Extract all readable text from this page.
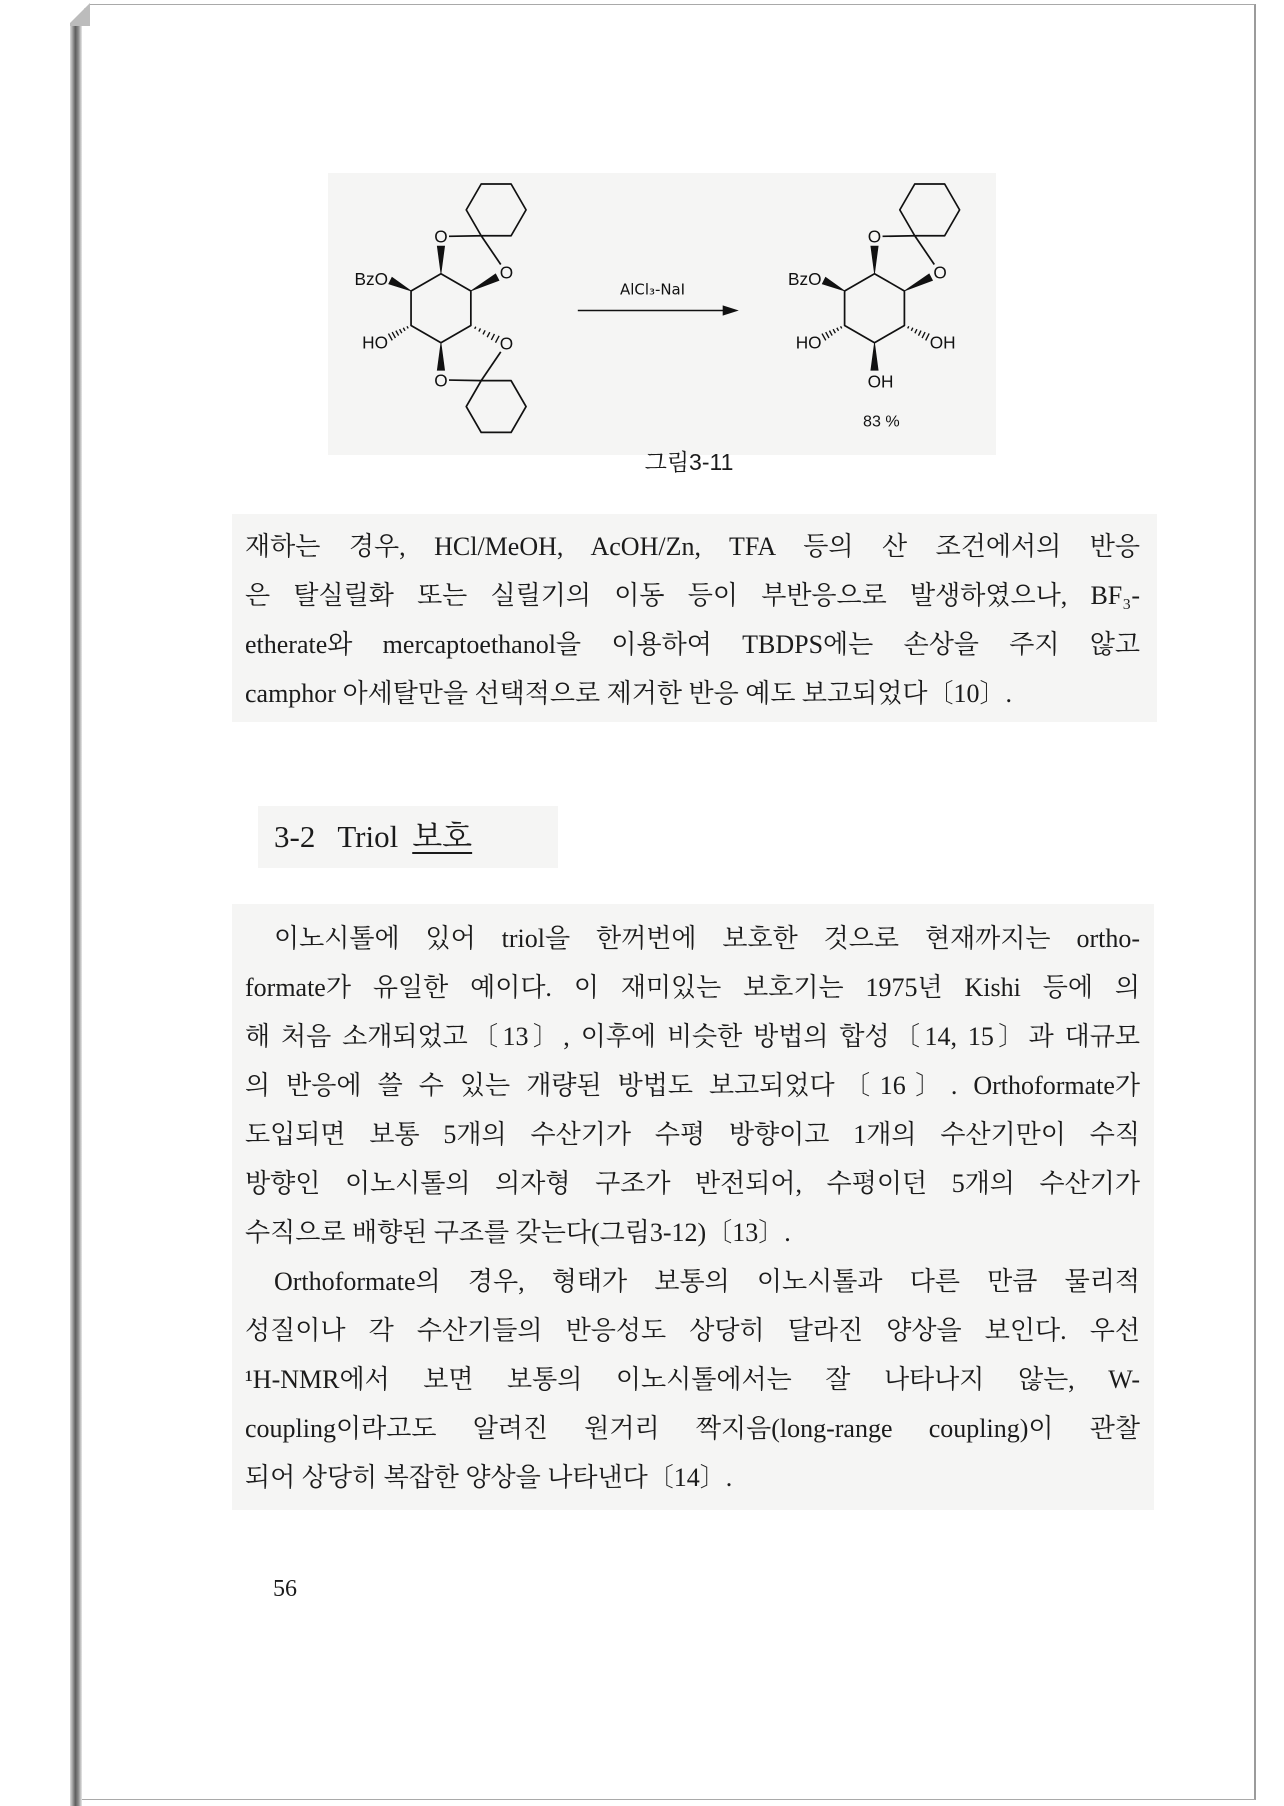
BzO
HO
O
O
O
O
AlCl₃-NaI
BzO
HO
O
O
OH
OH
83 %
그림3-11
재하는 경우, HCl/MeOH, AcOH/Zn, TFA 등의 산 조건에서의 반응
은 탈실릴화 또는 실릴기의 이동 등이 부반응으로 발생하였으나, BF₃-
etherate와 mercaptoethanol을 이용하여 TBDPS에는 손상을 주지 않고
camphor 아세탈만을 선택적으로 제거한 반응 예도 보고되었다〔10〕.
3-2 Triol 보호
이노시톨에 있어 triol을 한꺼번에 보호한 것으로 현재까지는 ortho-
formate가 유일한 예이다. 이 재미있는 보호기는 1975년 Kishi 등에 의
해 처음 소개되었고〔13〕, 이후에 비슷한 방법의 합성〔14, 15〕과 대규모
의 반응에 쓸 수 있는 개량된 방법도 보고되었다〔16〕. Orthoformate가
도입되면 보통 5개의 수산기가 수평 방향이고 1개의 수산기만이 수직
방향인 이노시톨의 의자형 구조가 반전되어, 수평이던 5개의 수산기가
수직으로 배향된 구조를 갖는다(그림3-12)〔13〕.
Orthoformate의 경우, 형태가 보통의 이노시톨과 다른 만큼 물리적
성질이나 각 수산기들의 반응성도 상당히 달라진 양상을 보인다. 우선
¹H-NMR에서 보면 보통의 이노시톨에서는 잘 나타나지 않는, W-
coupling이라고도 알려진 원거리 짝지음(long-range coupling)이 관찰
되어 상당히 복잡한 양상을 나타낸다〔14〕.
56
